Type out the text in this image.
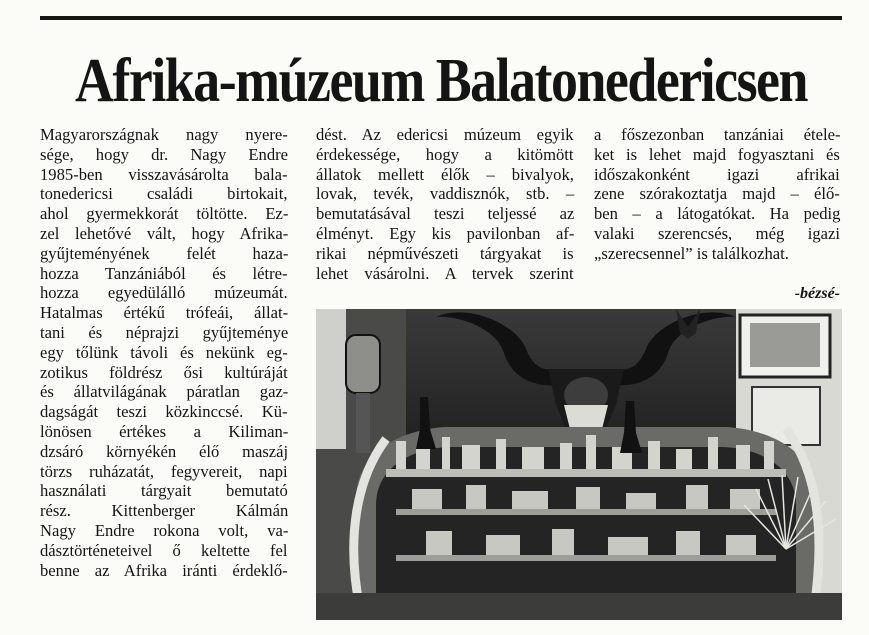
Afrika-múzeum Balatonedericsen
Magyarországnak nagy nyere-
sége, hogy dr. Nagy Endre
1985-ben visszavásárolta bala-
tonedericsi családi birtokait,
ahol gyermekkorát töltötte. Ez-
zel lehetővé vált, hogy Afrika-
gyűjteményének felét haza-
hozza Tanzániából és létre-
hozza egyedülálló múzeumát.
Hatalmas értékű trófeái, állat-
tani és néprajzi gyűjteménye
egy tőlünk távoli és nekünk eg-
zotikus földrész ősi kultúráját
és állatvilágának páratlan gaz-
dagságát teszi közkinccsé. Kü-
lönösen értékes a Kiliman-
dzsáró környékén élő maszáj
törzs ruházatát, fegyvereit, napi
használati tárgyait bemutató
rész. Kittenberger Kálmán
Nagy Endre rokona volt, va-
dásztörténeteivel ő keltette fel
benne az Afrika iránti érdeklő-
dést. Az edericsi múzeum egyik
érdekessége, hogy a kitömött
állatok mellett élők – bivalyok,
lovak, tevék, vaddisznók, stb. –
bemutatásával teszi teljessé az
élményt. Egy kis pavilonban af-
rikai népművészeti tárgyakat is
lehet vásárolni. A tervek szerint
a főszezonban tanzániai étele-
ket is lehet majd fogyasztani és
időszakonként igazi afrikai
zene szórakoztatja majd – élő-
ben – a látogatókat. Ha pedig
valaki szerencsés, még igazi
„szerecsennel” is találkozhat.
-bézsé-
